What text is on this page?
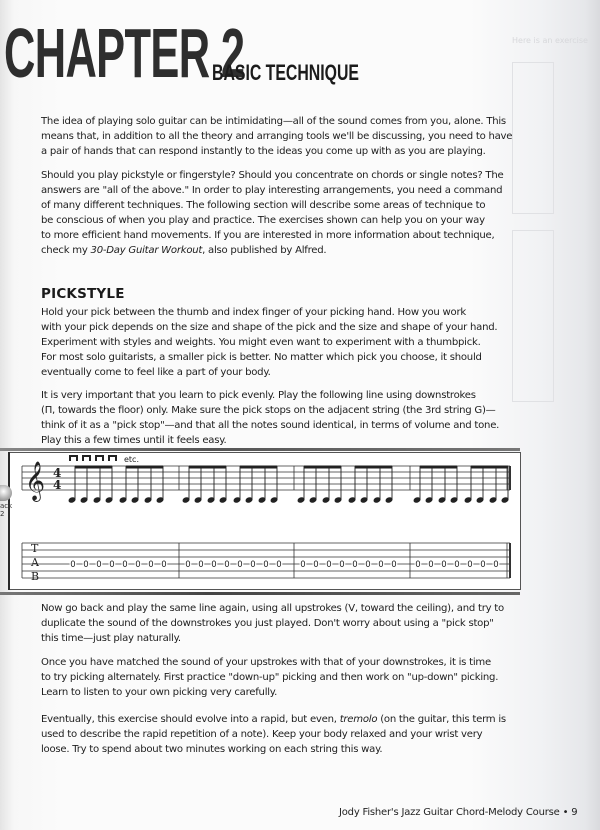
Here is an exercise
CHAPTER 2
BASIC TECHNIQUE

The idea of playing solo guitar can be intimidating—all of the sound comes from you, alone. This
means that, in addition to all the theory and arranging tools we'll be discussing, you need to have
a pair of hands that can respond instantly to the ideas you come up with as you are playing.

Should you play pickstyle or fingerstyle? Should you concentrate on chords or single notes? The
answers are "all of the above." In order to play interesting arrangements, you need a command
of many different techniques. The following section will describe some areas of technique to
be conscious of when you play and practice. The exercises shown can help you on your way
to more efficient hand movements. If you are interested in more information about technique,
check my 30-Day Guitar Workout, also published by Alfred.

PICKSTYLE

Hold your pick between the thumb and index finger of your picking hand. How you work
with your pick depends on the size and shape of the pick and the size and shape of your hand.
Experiment with styles and weights. You might even want to experiment with a thumbpick.
For most solo guitarists, a smaller pick is better. No matter which pick you choose, it should
eventually come to feel like a part of your body.

It is very important that you learn to pick evenly. Play the following line using downstrokes
(Π, towards the floor) only. Make sure the pick stops on the adjacent string (the 3rd string G)—
think of it as a "pick stop"—and that all the notes sound identical, in terms of volume and tone.
Play this a few times until it feels easy.

ack
2
𝄞 4
4
etc.
T
A
B
0 0 0 0 0 0 0 0 0 0 0 0 0 0 0 0 0 0 0 0 0 0 0 0 0 0 0 0 0 0 0

Now go back and play the same line again, using all upstrokes (V, toward the ceiling), and try to
duplicate the sound of the downstrokes you just played. Don't worry about using a "pick stop"
this time—just play naturally.

Once you have matched the sound of your upstrokes with that of your downstrokes, it is time
to try picking alternately. First practice "down-up" picking and then work on "up-down" picking.
Learn to listen to your own picking very carefully.

Eventually, this exercise should evolve into a rapid, but even, tremolo (on the guitar, this term is
used to describe the rapid repetition of a note). Keep your body relaxed and your wrist very
loose. Try to spend about two minutes working on each string this way.

Jody Fisher's Jazz Guitar Chord-Melody Course • 9
